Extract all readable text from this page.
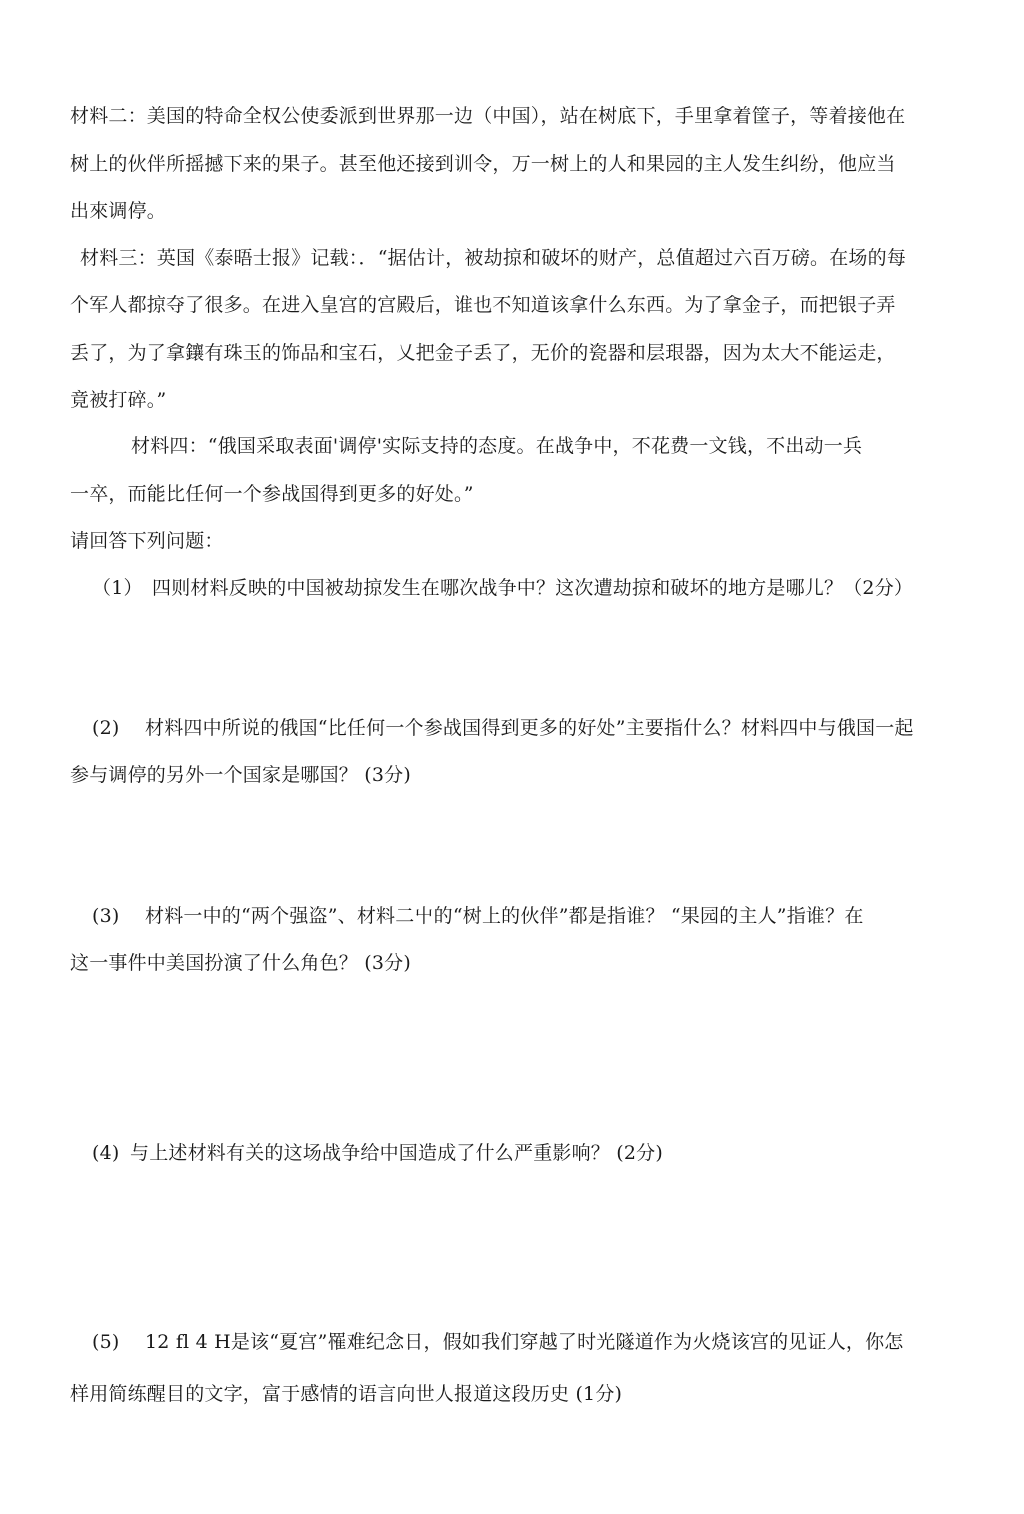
材料二：美国的特命全权公使委派到世界那一边（中国），站在树底下，手里拿着筐子，等着接他在
树上的伙伴所摇撼下来的果子。甚至他还接到训令，万一树上的人和果园的主人发生纠纷，他应当
出來调停。
材料三：英国《泰晤士报》记载：．“据估计，被劫掠和破坏的财产，总值超过六百万磅。在场的每
个军人都掠夺了很多。在进入皇宫的宫殿后，谁也不知道该拿什么东西。为了拿金子，而把银子弄
丢了，为了拿鑲有珠玉的饰品和宝石，乂把金子丢了，无价的瓷器和层珢器，因为太大不能运走，
竟被打碎。”
材料四：“俄国采取表面'调停'实际支持的态度。在战争中，不花费一文钱，不出动一兵
一卒，而能比任何一个参战国得到更多的好处。”
请回答下列问题：
（1） 四则材料反映的中国被劫掠发生在哪次战争中？这次遭劫掠和破坏的地方是哪儿？（2分）
(2) 材料四中所说的俄国“比任何一个参战国得到更多的好处”主要指什么？材料四中与俄国一起
参与调停的另外一个国家是哪国？ (3分)
(3) 材料一中的“两个强盗”、材料二屮的“树上的伙伴”都是指谁？ “果园的主人”指谁？在
这一事件中美国扮演了什么角色？ (3分)
(4) 与上述材料有关的这场战争给中国造成了什么严重影响？ (2分)
(5) 12 fl 4 H是该“夏宫”罹难纪念日，假如我们穿越了时光隧道作为火烧该宫的见证人，你怎
样用简练醒目的文字，富于感情的语言向世人报道这段历史 (1分)
